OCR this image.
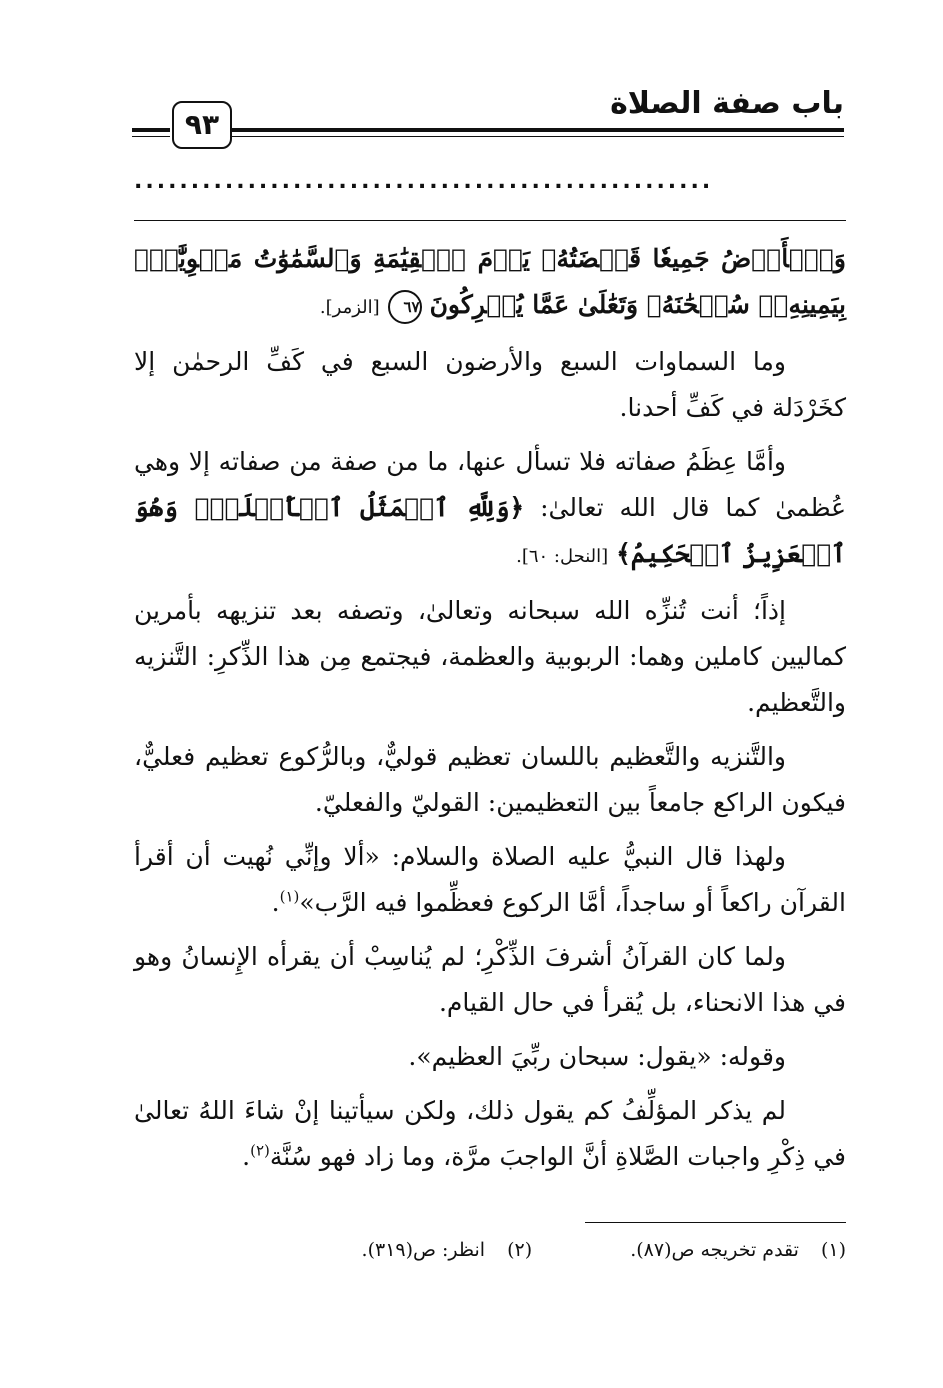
باب صفة الصلاة
٩٣
...................................................

وَٱلۡأَرۡضُ جَمِيعٗا قَبۡضَتُهُۥ يَوۡمَ ٱلۡقِيَٰمَةِ وَٱلسَّمَٰوَٰتُ مَطۡوِيَّٰتُۢ بِيَمِينِهِۦۚ سُبۡحَٰنَهُۥ وَتَعَٰلَىٰ عَمَّا يُشۡرِكُونَ ٦٧ [الزمر].

وما السماوات السبع والأرضون السبع في كَفِّ الرحمٰن إلا كخَرْدَلة في كَفِّ أحدنا.

وأمَّا عِظَمُ صفاته فلا تسأل عنها، ما من صفة من صفاته إلا وهي عُظمىٰ كما قال الله تعالىٰ: ﴿وَلِلَّهِ ٱلۡمَثَلُ ٱلۡأَعۡلَىٰۚ وَهُوَ ٱلۡعَزِيزُ ٱلۡحَكِيمُ﴾ [النحل: ٦٠].

إذاً؛ أنت تُنزِّه الله سبحانه وتعالىٰ، وتصفه بعد تنزيهه بأمرين كماليين كاملين وهما: الربوبية والعظمة، فيجتمع مِن هذا الذِّكرِ: التَّنزيه والتَّعظيم.

والتَّنزيه والتَّعظيم باللسان تعظيم قوليٌّ، وبالرُّكوع تعظيم فعليٌّ، فيكون الراكع جامعاً بين التعظيمين: القوليّ والفعليّ.

ولهذا قال النبيُّ عليه الصلاة والسلام: «ألا وإنِّي نُهيت أن أقرأ القرآن راكعاً أو ساجداً، أمَّا الركوع فعظِّموا فيه الرَّب»$^{(١)}$.

ولما كان القرآنُ أشرفَ الذِّكْرِ؛ لم يُناسِبْ أن يقرأه الإِنسانُ وهو في هذا الانحناء، بل يُقرأ في حال القيام.

وقوله: «يقول: سبحان ربِّيَ العظيم».

لم يذكر المؤلِّفُ كم يقول ذلك، ولكن سيأتينا إنْ شاءَ اللهُ تعالىٰ في ذِكْرِ واجبات الصَّلاةِ أنَّ الواجبَ مرَّة، وما زاد فهو سُنَّة$^{(٢)}$.

(١)تقدم تخريجه ص(٨٧). (٢)انظر: ص(٣١٩).
